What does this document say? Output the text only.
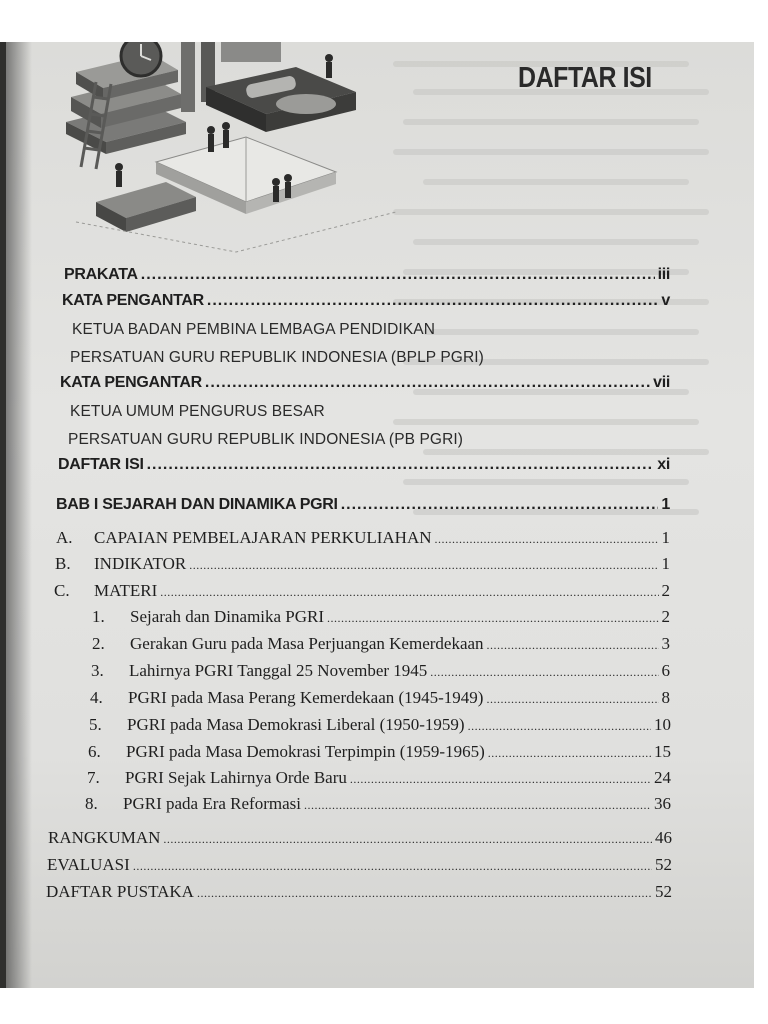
DAFTAR ISI
PRAKATA .....	iii
KATA PENGANTAR .....	v
KETUA BADAN PEMBINA LEMBAGA PENDIDIKAN
PERSATUAN GURU REPUBLIK INDONESIA (BPLP PGRI)
KATA PENGANTAR .....	vii
KETUA UMUM PENGURUS BESAR
PERSATUAN GURU REPUBLIK INDONESIA (PB PGRI)
DAFTAR ISI .....	xi
BAB I SEJARAH DAN DINAMIKA PGRI .....	1
A.	CAPAIAN PEMBELAJARAN PERKULIAHAN .....	1
B.	INDIKATOR .....	1
C.	MATERI .....	2
1.	Sejarah dan Dinamika PGRI .....	2
2.	Gerakan Guru pada Masa Perjuangan Kemerdekaan .....	3
3.	Lahirnya PGRI Tanggal 25 November 1945 .....	6
4.	PGRI pada Masa Perang Kemerdekaan (1945-1949) .....	8
5.	PGRI pada Masa Demokrasi Liberal (1950-1959) .....	10
6.	PGRI pada Masa Demokrasi Terpimpin (1959-1965) .....	15
7.	PGRI Sejak Lahirnya Orde Baru .....	24
8.	PGRI pada Era Reformasi .....	36
RANGKUMAN .....	46
EVALUASI .....	52
DAFTAR PUSTAKA .....	52
